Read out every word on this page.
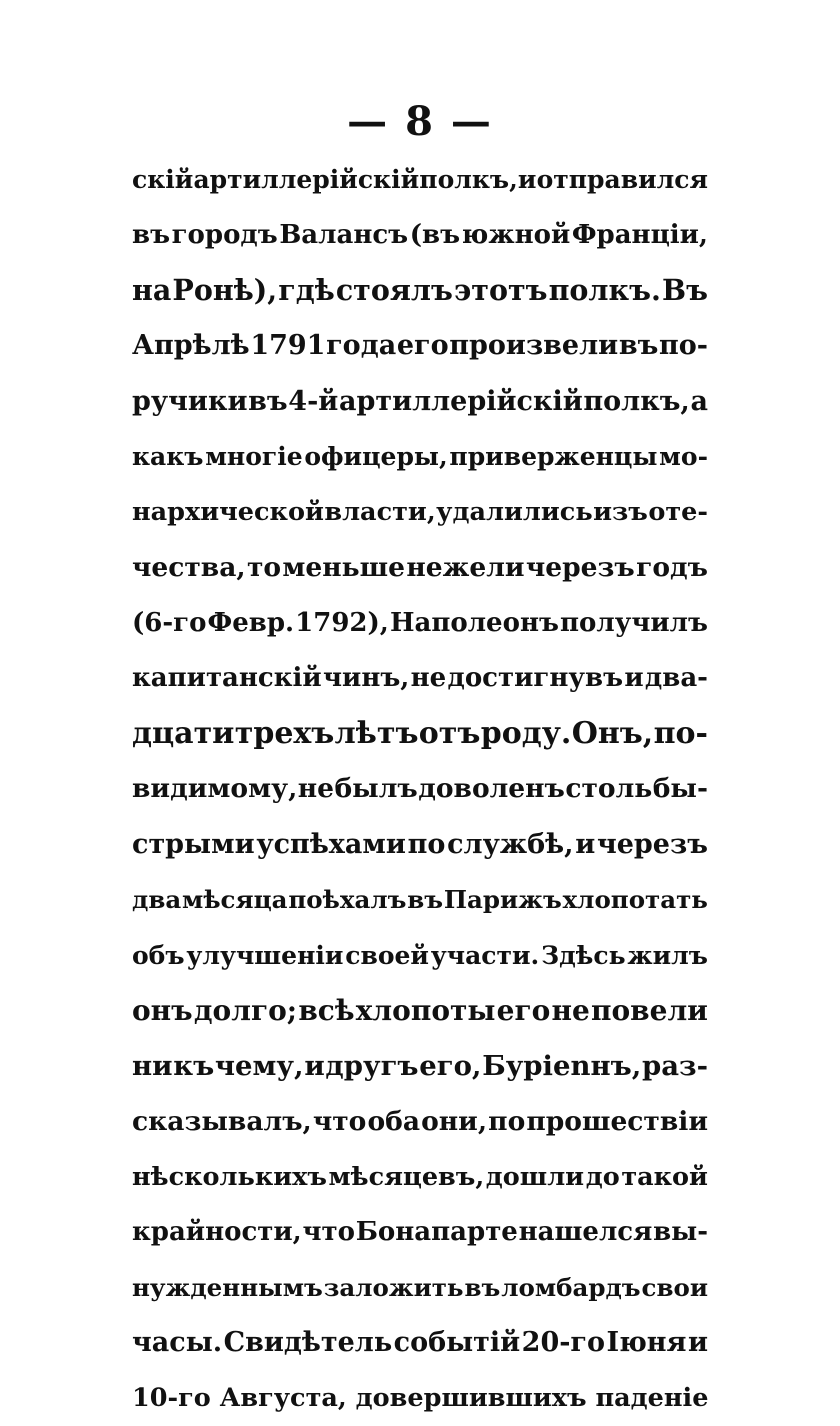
— 8 —
скій артиллерійскій полкъ, и отправился
въ городъ Валансъ (въ южной Франціи,
на Ронѣ), гдѣ стоялъ этотъ полкъ. Въ
Апрѣлѣ 1791 года его произвели въ по-
ручики въ 4-й артиллерійскій полкъ, а
какъ многіе офицеры, приверженцы мо-
нархической власти, удалились изъ оте-
чества, то меньше нежели черезъ годъ
(6-го Февр. 1792), Наполеонъ получилъ
капитанскій чинъ, не достигнувъ и два-
дцати трехъ лѣтъ отъ роду. Онъ, по-
видимому, не былъ доволенъ столь бы-
стрыми успѣхами по службѣ, и черезъ
два мѣсяца поѣхалъ въ Парижъ хлопотать
объ улучшеніи своей участи. Здѣсь жилъ
онъ долго; всѣ хлопоты его не повели
ни къ чему, и другъ его, Бурienнъ, раз-
сказывалъ, что оба они, по прошествіи
нѣсколькихъ мѣсяцевъ, дошли до такой
крайности, что Бонапарте нашелся вы-
нужденнымъ заложить въ ломбардъ свои
часы. Свидѣтель событій 20-го Іюня и
10-го
Августа,
довершившихъ
паденіе
